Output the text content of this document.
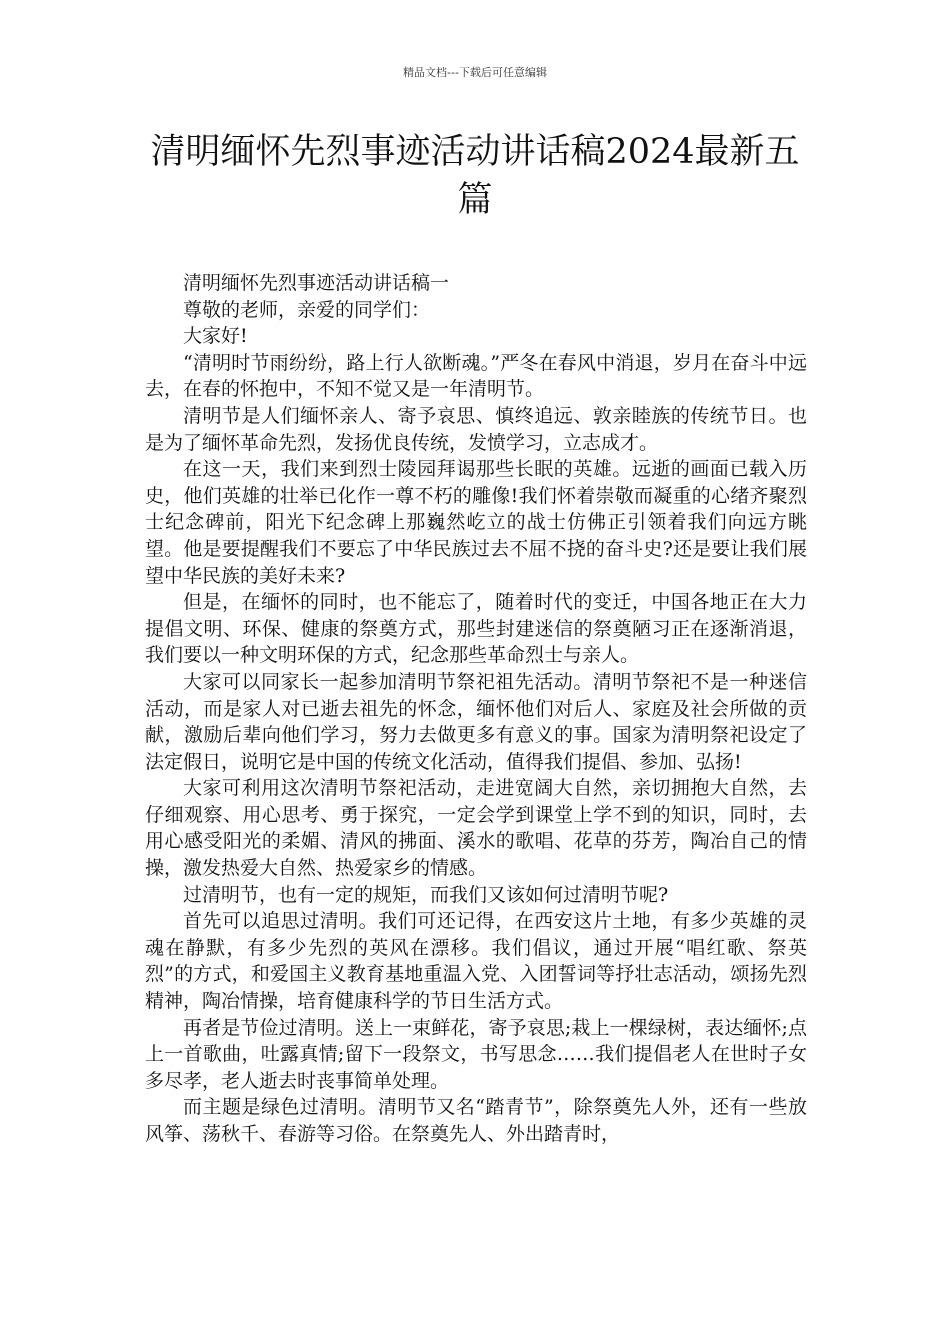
精品文档---下载后可任意编辑
清明缅怀先烈事迹活动讲话稿2024最新五篇

清明缅怀先烈事迹活动讲话稿一

尊敬的老师，亲爱的同学们：

大家好!

“清明时节雨纷纷，路上行人欲断魂。”严冬在春风中消退，岁月在奋斗中远去，在春的怀抱中，不知不觉又是一年清明节。

清明节是人们缅怀亲人、寄予哀思、慎终追远、敦亲睦族的传统节日。也是为了缅怀革命先烈，发扬优良传统，发愤学习，立志成才。

在这一天，我们来到烈士陵园拜谒那些长眠的英雄。远逝的画面已载入历史，他们英雄的壮举已化作一尊不朽的雕像!我们怀着崇敬而凝重的心绪齐聚烈士纪念碑前，阳光下纪念碑上那巍然屹立的战士仿佛正引领着我们向远方眺望。他是要提醒我们不要忘了中华民族过去不屈不挠的奋斗史?还是要让我们展望中华民族的美好未来?

但是，在缅怀的同时，也不能忘了，随着时代的变迁，中国各地正在大力提倡文明、环保、健康的祭奠方式，那些封建迷信的祭奠陋习正在逐渐消退，我们要以一种文明环保的方式，纪念那些革命烈士与亲人。

大家可以同家长一起参加清明节祭祀祖先活动。清明节祭祀不是一种迷信活动，而是家人对已逝去祖先的怀念，缅怀他们对后人、家庭及社会所做的贡献，激励后辈向他们学习，努力去做更多有意义的事。国家为清明祭祀设定了法定假日，说明它是中国的传统文化活动，值得我们提倡、参加、弘扬!

大家可利用这次清明节祭祀活动，走进宽阔大自然，亲切拥抱大自然，去仔细观察、用心思考、勇于探究，一定会学到课堂上学不到的知识，同时，去用心感受阳光的柔媚、清风的拂面、溪水的歌唱、花草的芬芳，陶冶自己的情操，激发热爱大自然、热爱家乡的情感。

过清明节，也有一定的规矩，而我们又该如何过清明节呢?

首先可以追思过清明。我们可还记得，在西安这片土地，有多少英雄的灵魂在静默，有多少先烈的英风在漂移。我们倡议，通过开展“唱红歌、祭英烈”的方式，和爱国主义教育基地重温入党、入团誓词等抒壮志活动，颂扬先烈精神，陶冶情操，培育健康科学的节日生活方式。

再者是节俭过清明。送上一束鲜花，寄予哀思;栽上一棵绿树，表达缅怀;点上一首歌曲，吐露真情;留下一段祭文，书写思念……我们提倡老人在世时子女多尽孝，老人逝去时丧事简单处理。

而主题是绿色过清明。清明节又名“踏青节”，除祭奠先人外，还有一些放风筝、荡秋千、春游等习俗。在祭奠先人、外出踏青时，
